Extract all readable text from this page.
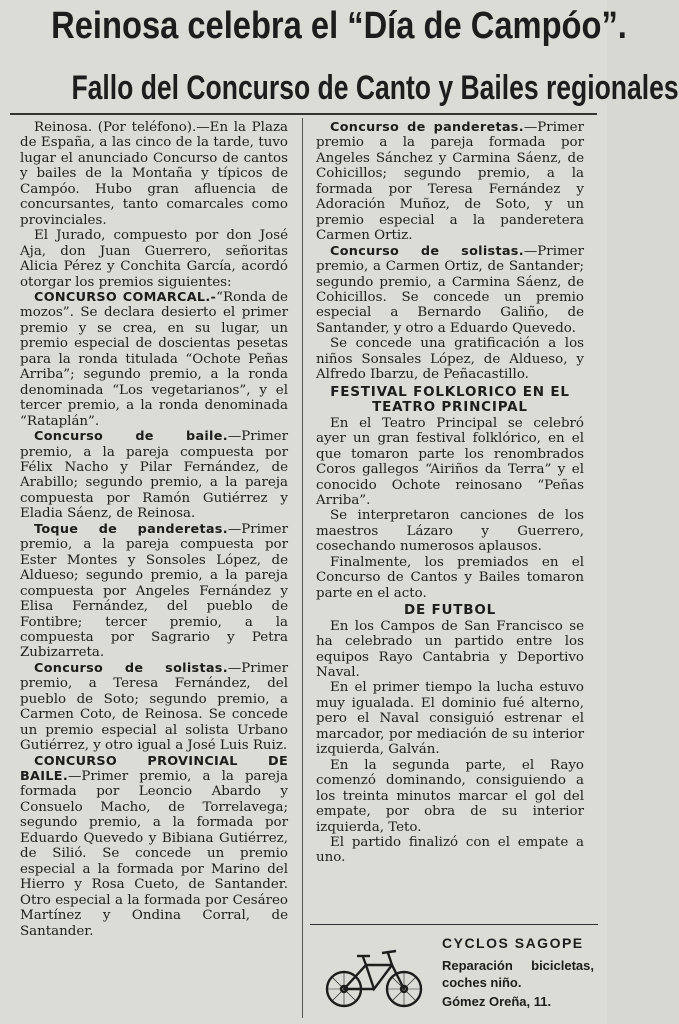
Reinosa celebra el “Día de Campóo”.
Fallo del Concurso de Canto y Bailes regionales

Reinosa. (Por teléfono).—En la Plaza de España, a las cinco de la tarde, tuvo lugar el anunciado Concurso de cantos y bailes de la Montaña y típicos de Campóo. Hubo gran afluencia de concursantes, tanto comarcales como provinciales.

El Jurado, compuesto por don José Aja, don Juan Guerrero, señoritas Alicia Pérez y Conchita García, acordó otorgar los premios siguientes:

CONCURSO COMARCAL.-“Ronda de mozos”. Se declara desierto el primer premio y se crea, en su lugar, un premio especial de doscientas pesetas para la ronda titulada “Ochote Peñas Arriba”; segundo premio, a la ronda denominada “Los vegetarianos”, y el tercer premio, a la ronda denominada “Rataplán”.

Concurso de baile.—Primer premio, a la pareja compuesta por Félix Nacho y Pilar Fernández, de Arabillo; segundo premio, a la pareja compuesta por Ramón Gutiérrez y Eladia Sáenz, de Reinosa.

Toque de panderetas.—Primer premio, a la pareja compuesta por Ester Montes y Sonsoles López, de Aldueso; segundo premio, a la pareja compuesta por Angeles Fernández y Elisa Fernández, del pueblo de Fontibre; tercer premio, a la compuesta por Sagrario y Petra Zubizarreta.

Concurso de solistas.—Primer premio, a Teresa Fernández, del pueblo de Soto; segundo premio, a Carmen Coto, de Reinosa. Se concede un premio especial al solista Urbano Gutiérrez, y otro igual a José Luis Ruiz.

CONCURSO PROVINCIAL DE BAILE.—Primer premio, a la pareja formada por Leoncio Abardo y Consuelo Macho, de Torrelavega; segundo premio, a la formada por Eduardo Quevedo y Bibiana Gutiérrez, de Silió. Se concede un premio especial a la formada por Marino del Hierro y Rosa Cueto, de Santander. Otro especial a la formada por Cesáreo Martínez y Ondina Corral, de Santander.

Concurso de panderetas.—Primer premio a la pareja formada por Angeles Sánchez y Carmina Sáenz, de Cohicillos; segundo premio, a la formada por Teresa Fernández y Adoración Muñoz, de Soto, y un premio especial a la panderetera Carmen Ortiz.

Concurso de solistas.—Primer premio, a Carmen Ortiz, de Santander; segundo premio, a Carmina Sáenz, de Cohicillos. Se concede un premio especial a Bernardo Galiño, de Santander, y otro a Eduardo Quevedo.

Se concede una gratificación a los niños Sonsales López, de Aldueso, y Alfredo Ibarzu, de Peñacastillo.

FESTIVAL FOLKLORICO EN EL TEATRO PRINCIPAL

En el Teatro Principal se celebró ayer un gran festival folklórico, en el que tomaron parte los renombrados Coros gallegos “Airiños da Terra” y el conocido Ochote reinosano “Peñas Arriba”.

Se interpretaron canciones de los maestros Lázaro y Guerrero, cosechando numerosos aplausos.

Finalmente, los premiados en el Concurso de Cantos y Bailes tomaron parte en el acto.

DE FUTBOL

En los Campos de San Francisco se ha celebrado un partido entre los equipos Rayo Cantabria y Deportivo Naval.

En el primer tiempo la lucha estuvo muy igualada. El dominio fué alterno, pero el Naval consiguió estrenar el marcador, por mediación de su interior izquierda, Galván.

En la segunda parte, el Rayo comenzó dominando, consiguiendo a los treinta minutos marcar el gol del empate, por obra de su interior izquierda, Teto.

El partido finalizó con el empate a uno.

CYCLOS SAGOPE
Reparación bicicletas, coches niño.
Gómez Oreña, 11.
